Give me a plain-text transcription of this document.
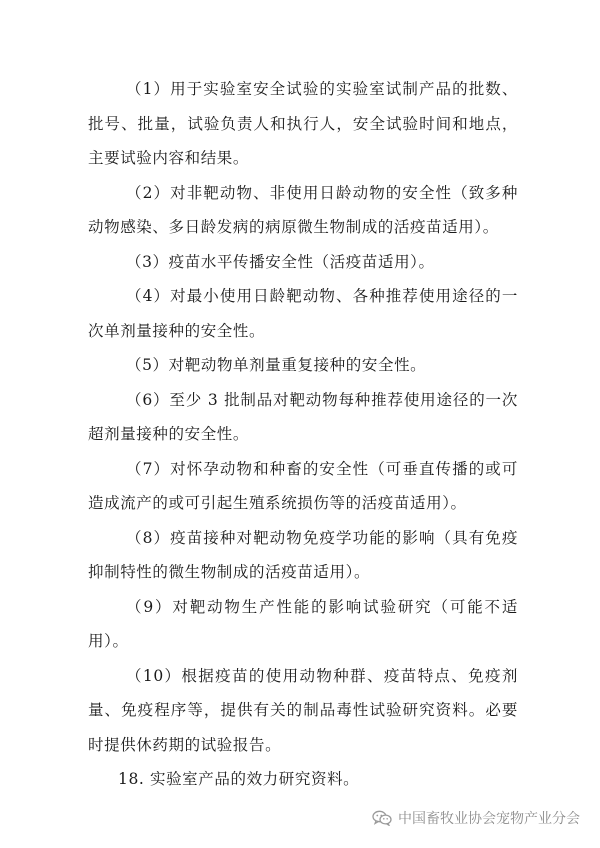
（1）用于实验室安全试验的实验室试制产品的批数、批号、批量，试验负责人和执行人，安全试验时间和地点，主要试验内容和结果。

（2）对非靶动物、非使用日龄动物的安全性（致多种动物感染、多日龄发病的病原微生物制成的活疫苗适用）。

（3）疫苗水平传播安全性（活疫苗适用）。

（4）对最小使用日龄靶动物、各种推荐使用途径的一次单剂量接种的安全性。

（5）对靶动物单剂量重复接种的安全性。

（6）至少 3 批制品对靶动物每种推荐使用途径的一次超剂量接种的安全性。

（7）对怀孕动物和种畜的安全性（可垂直传播的或可造成流产的或可引起生殖系统损伤等的活疫苗适用）。

（8）疫苗接种对靶动物免疫学功能的影响（具有免疫抑制特性的微生物制成的活疫苗适用）。

（9）对靶动物生产性能的影响试验研究（可能不适用）。

（10）根据疫苗的使用动物种群、疫苗特点、免疫剂量、免疫程序等，提供有关的制品毒性试验研究资料。必要时提供休药期的试验报告。

18. 实验室产品的效力研究资料。

中国畜牧业协会宠物产业分会
